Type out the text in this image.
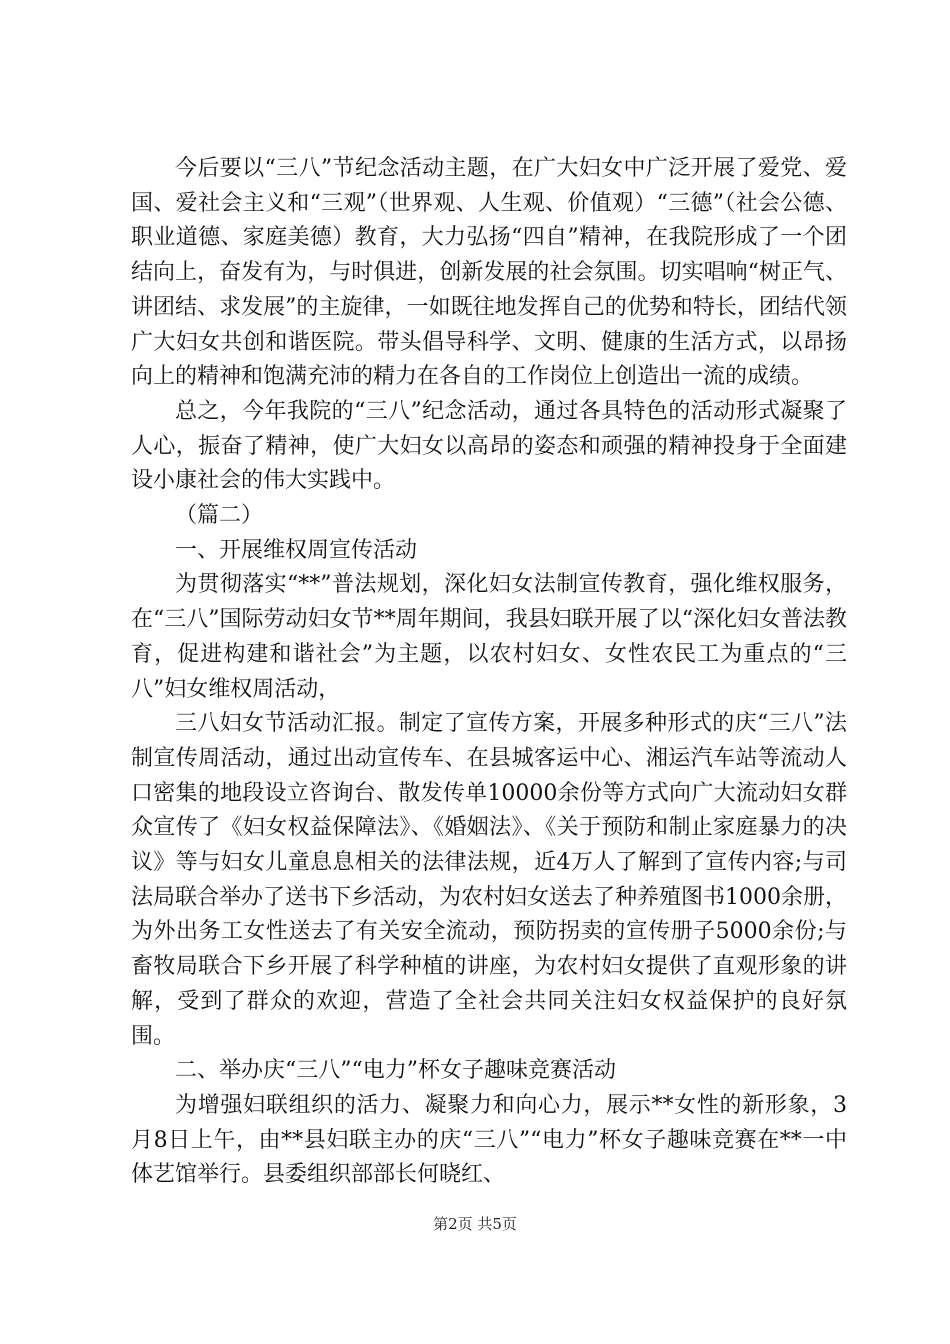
今后要以“三八”节纪念活动主题，在广大妇女中广泛开展了爱党、爱国、爱社会主义和“三观”（世界观、人生观、价值观）“三德”（社会公德、职业道德、家庭美德）教育，大力弘扬“四自”精神，在我院形成了一个团结向上，奋发有为，与时俱进，创新发展的社会氛围。切实唱响“树正气、讲团结、求发展”的主旋律，一如既往地发挥自己的优势和特长，团结代领广大妇女共创和谐医院。带头倡导科学、文明、健康的生活方式，以昂扬向上的精神和饱满充沛的精力在各自的工作岗位上创造出一流的成绩。

总之，今年我院的“三八”纪念活动，通过各具特色的活动形式凝聚了人心，振奋了精神，使广大妇女以高昂的姿态和顽强的精神投身于全面建设小康社会的伟大实践中。

（篇二）

一、开展维权周宣传活动

为贯彻落实“**”普法规划，深化妇女法制宣传教育，强化维权服务，在“三八”国际劳动妇女节**周年期间，我县妇联开展了以“深化妇女普法教育，促进构建和谐社会”为主题，以农村妇女、女性农民工为重点的“三八”妇女维权周活动，

三八妇女节活动汇报。制定了宣传方案，开展多种形式的庆“三八”法制宣传周活动，通过出动宣传车、在县城客运中心、湘运汽车站等流动人口密集的地段设立咨询台、散发传单10000余份等方式向广大流动妇女群众宣传了《妇女权益保障法》、《婚姻法》、《关于预防和制止家庭暴力的决议》等与妇女儿童息息相关的法律法规，近4万人了解到了宣传内容;与司法局联合举办了送书下乡活动，为农村妇女送去了种养殖图书1000余册，为外出务工女性送去了有关安全流动，预防拐卖的宣传册子5000余份;与畜牧局联合下乡开展了科学种植的讲座，为农村妇女提供了直观形象的讲解，受到了群众的欢迎，营造了全社会共同关注妇女权益保护的良好氛围。

二、举办庆“三八”“电力”杯女子趣味竞赛活动

为增强妇联组织的活力、凝聚力和向心力，展示**女性的新形象，3月8日上午，由**县妇联主办的庆“三八”“电力”杯女子趣味竞赛在**一中体艺馆举行。县委组织部部长何晓红、

第2页 共5页
